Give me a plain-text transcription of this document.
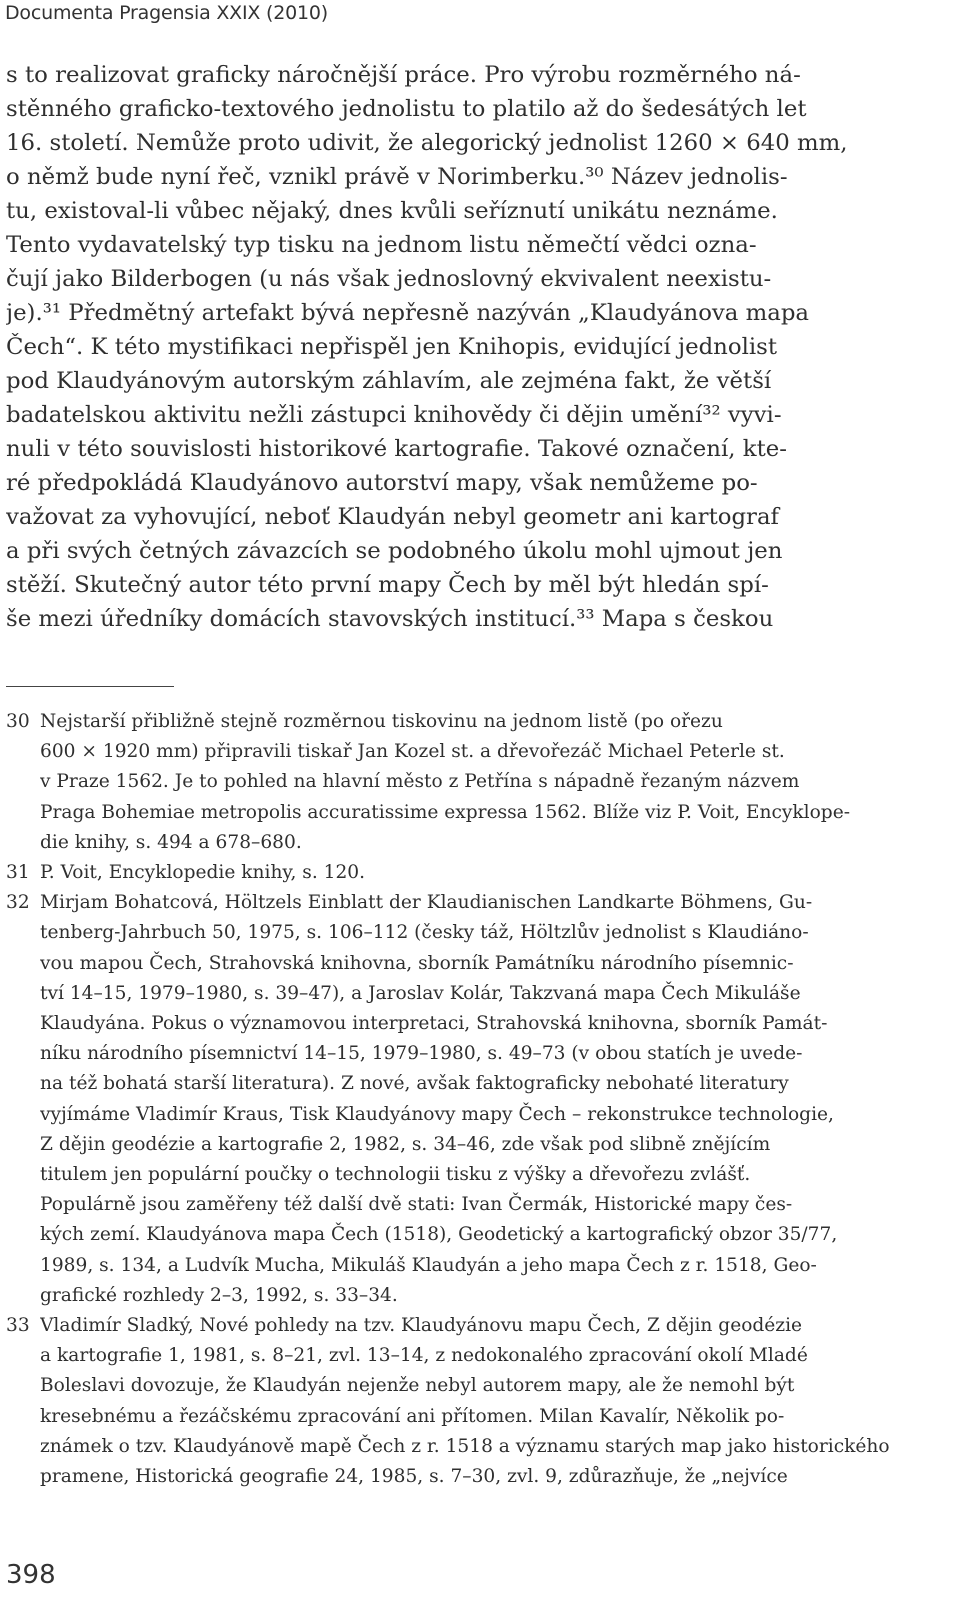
Documenta Pragensia XXIX (2010)
s to realizovat graficky náročnější práce. Pro výrobu rozměrného ná-
stěnného graficko-textového jednolistu to platilo až do šedesátých let
16. století. Nemůže proto udivit, že alegorický jednolist 1260 × 640 mm,
o němž bude nyní řeč, vznikl právě v Norimberku.³⁰ Název jednolis-
tu, existoval-li vůbec nějaký, dnes kvůli seříznutí unikátu neznáme.
Tento vydavatelský typ tisku na jednom listu němečtí vědci ozna-
čují jako Bilderbogen (u nás však jednoslovný ekvivalent neexistu-
je).³¹ Předmětný artefakt bývá nepřesně nazýván „Klaudyánova mapa
Čech“. K této mystifikaci nepřispěl jen Knihopis, evidující jednolist
pod Klaudyánovým autorským záhlavím, ale zejména fakt, že větší
badatelskou aktivitu nežli zástupci knihovědy či dějin umění³² vyvi-
nuli v této souvislosti historikové kartografie. Takové označení, kte-
ré předpokládá Klaudyánovo autorství mapy, však nemůžeme po-
važovat za vyhovující, neboť Klaudyán nebyl geometr ani kartograf
a při svých četných závazcích se podobného úkolu mohl ujmout jen
stěží. Skutečný autor této první mapy Čech by měl být hledán spí-
še mezi úředníky domácích stavovských institucí.³³ Mapa s českou
30 Nejstarší přibližně stejně rozměrnou tiskovinu na jednom listě (po ořezu
600 × 1920 mm) připravili tiskař Jan Kozel st. a dřevořezáč Michael Peterle st.
v Praze 1562. Je to pohled na hlavní město z Petřína s nápadně řezaným názvem
Praga Bohemiae metropolis accuratissime expressa 1562. Blíže viz P. Voit, Encyklope-
die knihy, s. 494 a 678–680.
31 P. Voit, Encyklopedie knihy, s. 120.
32 Mirjam Bohatcová, Höltzels Einblatt der Klaudianischen Landkarte Böhmens, Gu-
tenberg-Jahrbuch 50, 1975, s. 106–112 (česky táž, Höltzlův jednolist s Klaudiáno-
vou mapou Čech, Strahovská knihovna, sborník Památníku národního písemnic-
tví 14–15, 1979–1980, s. 39–47), a Jaroslav Kolár, Takzvaná mapa Čech Mikuláše
Klaudyána. Pokus o významovou interpretaci, Strahovská knihovna, sborník Památ-
níku národního písemnictví 14–15, 1979–1980, s. 49–73 (v obou statích je uvede-
na též bohatá starší literatura). Z nové, avšak faktograficky nebohaté literatury
vyjímáme Vladimír Kraus, Tisk Klaudyánovy mapy Čech – rekonstrukce technologie,
Z dějin geodézie a kartografie 2, 1982, s. 34–46, zde však pod slibně znějícím
titulem jen populární poučky o technologii tisku z výšky a dřevořezu zvlášť.
Populárně jsou zaměřeny též další dvě stati: Ivan Čermák, Historické mapy čes-
kých zemí. Klaudyánova mapa Čech (1518), Geodetický a kartografický obzor 35/77,
1989, s. 134, a Ludvík Mucha, Mikuláš Klaudyán a jeho mapa Čech z r. 1518, Geo-
grafické rozhledy 2–3, 1992, s. 33–34.
33 Vladimír Sladký, Nové pohledy na tzv. Klaudyánovu mapu Čech, Z dějin geodézie
a kartografie 1, 1981, s. 8–21, zvl. 13–14, z nedokonalého zpracování okolí Mladé
Boleslavi dovozuje, že Klaudyán nejenže nebyl autorem mapy, ale že nemohl být
kresebnému a řezáčskému zpracování ani přítomen. Milan Kavalír, Několik po-
známek o tzv. Klaudyánově mapě Čech z r. 1518 a významu starých map jako historického
pramene, Historická geografie 24, 1985, s. 7–30, zvl. 9, zdůrazňuje, že „nejvíce
398
